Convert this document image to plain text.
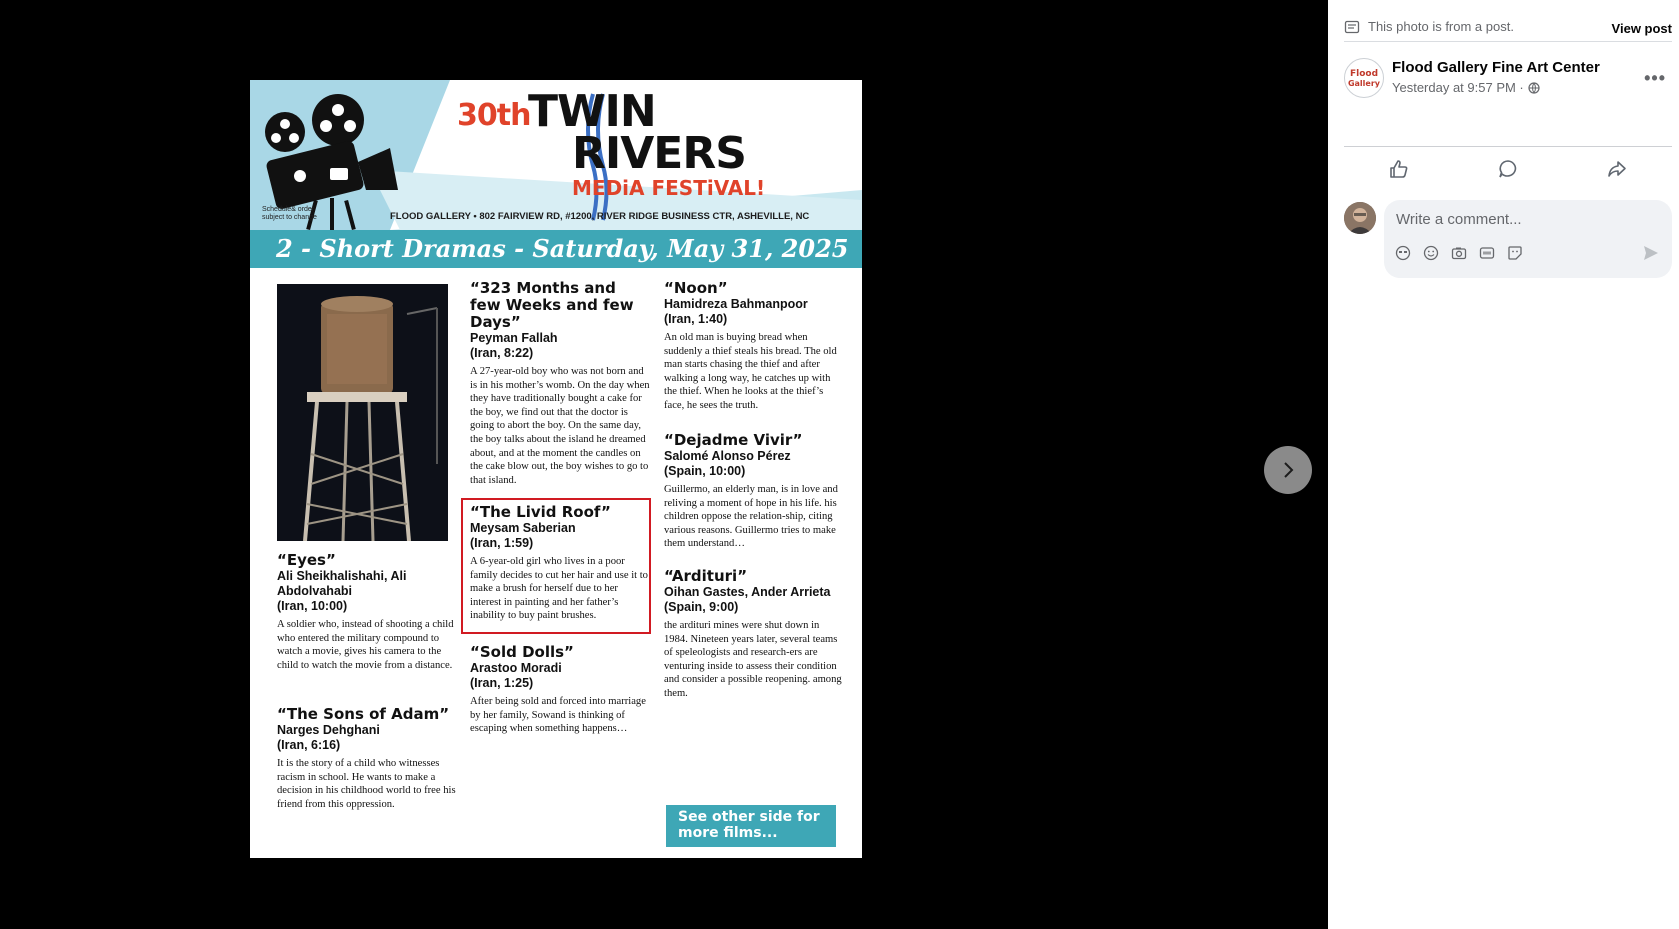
30th
TWIN
RIVERS
MEDiA FESTiVAL!
Schedule& order subject to change	FLOOD GALLERY • 802 FAIRVIEW RD, #1200, RIVER RIDGE BUSINESS CTR, ASHEVILLE, NC
2 - Short Dramas - Saturday, May 31, 2025
“Eyes”
Ali Sheikhalishahi, Ali Abdolvahabi
(Iran, 10:00)
A soldier who, instead of shooting a child who entered the military compound to watch a movie, gives his camera to the child to watch the movie from a distance.
“The Sons of Adam”
Narges Dehghani
(Iran, 6:16)
It is the story of a child who witnesses racism in school. He wants to make a decision in his childhood world to free his friend from this oppression.
“323 Months and few Weeks and few Days”
Peyman Fallah
(Iran, 8:22)
A 27-year-old boy who was not born and is in his mother’s womb. On the day when they have traditionally bought a cake for the boy, we find out that the doctor is going to abort the boy. On the same day, the boy talks about the island he dreamed about, and at the moment the candles on the cake blow out, the boy wishes to go to that island.
“The Livid Roof”
Meysam Saberian
(Iran, 1:59)
A 6-year-old girl who lives in a poor family decides to cut her hair and use it to make a brush for herself due to her interest in painting and her father’s inability to buy paint brushes.
“Sold Dolls”
Arastoo Moradi
(Iran, 1:25)
After being sold and forced into marriage by her family, Sowand is thinking of escaping when something happens…
“Noon”
Hamidreza Bahmanpoor
(Iran, 1:40)
An old man is buying bread when suddenly a thief steals his bread. The old man starts chasing the thief and after walking a long way, he catches up with the thief. When he looks at the thief’s face, he sees the truth.
“Dejadme Vivir”
Salomé Alonso Pérez
(Spain, 10:00)
Guillermo, an elderly man, is in love and reliving a moment of hope in his life. his children oppose the relation-ship, citing various reasons. Guillermo tries to make them understand…
“Ardituri”
Oihan Gastes, Ander Arrieta
(Spain, 9:00)
the ardituri mines were shut down in 1984. Nineteen years later, several teams of speleologists and research-ers are venturing inside to assess their condition and consider a possible reopening. among them.
See other side for more films...
This photo is from a post.	View post
Flood
Gallery
Flood Gallery Fine Art Center
Yesterday at 9:57 PM ·	•••
Write a comment...
